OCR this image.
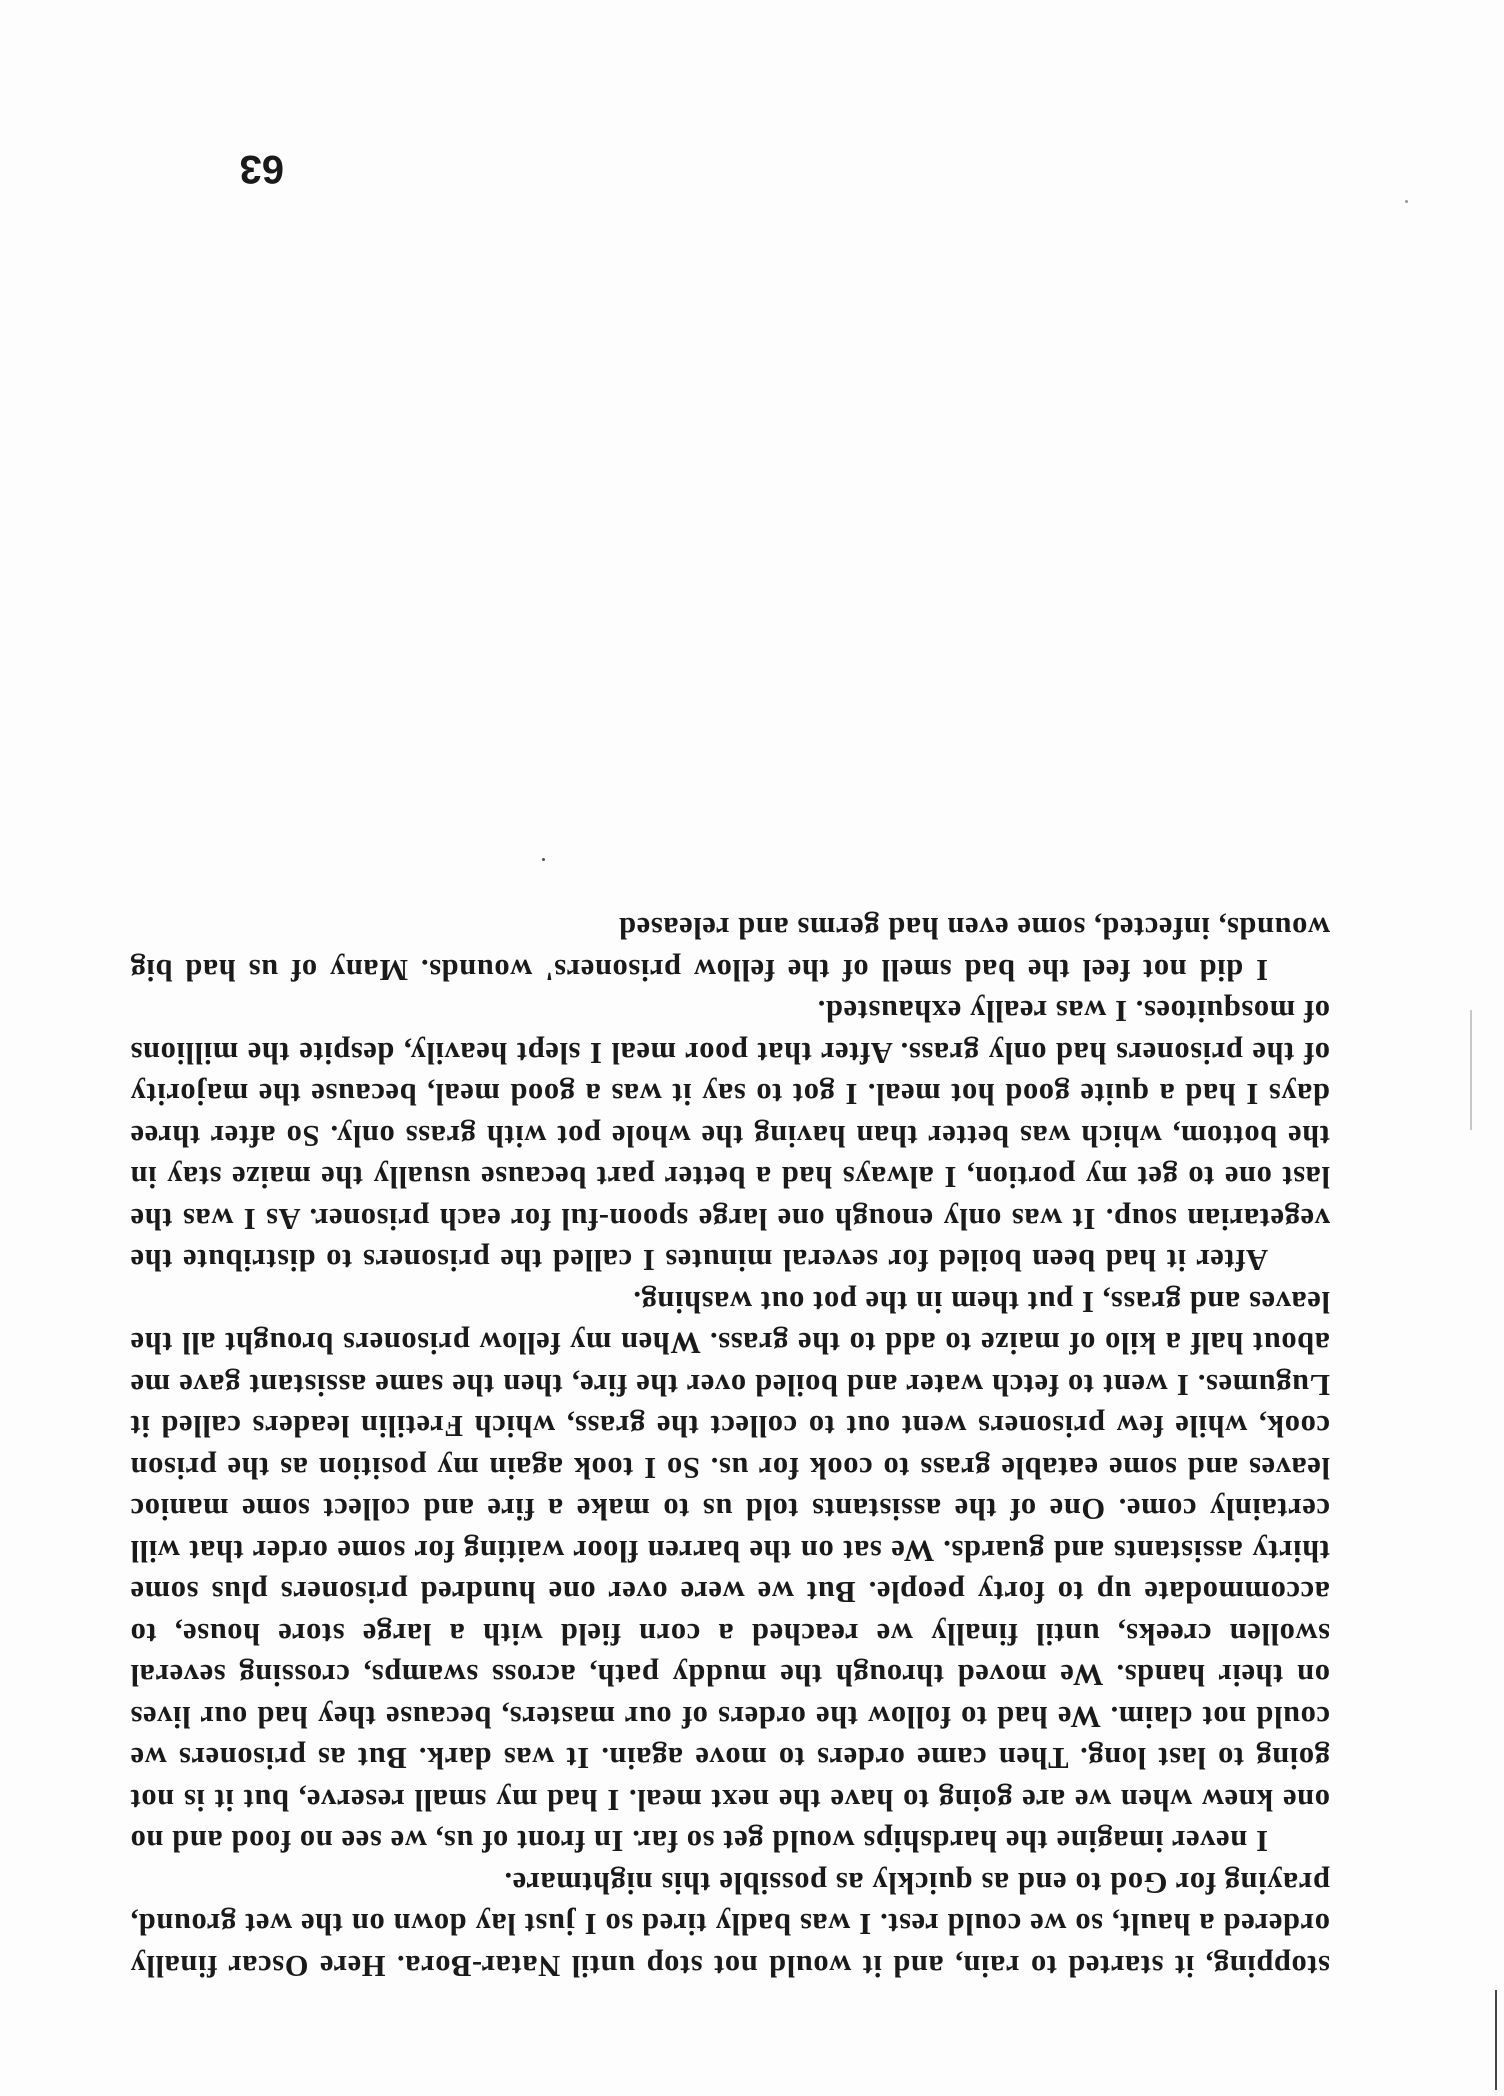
stopping, it started to rain, and it would not stop until Natar-Bora. Here Oscar finally ordered a hault, so we could rest. I was badly tired so I just lay down on the wet ground, praying for God to end as quickly as possible this nightmare.

I never imagine the hardships would get so far. In front of us, we see no food and no one knew when we are going to have the next meal. I had my small reserve, but it is not going to last long. Then came orders to move again. It was dark. But as prisoners we could not claim. We had to follow the orders of our masters, because they had our lives on their hands. We moved through the muddy path, across swamps, crossing several swollen creeks, until finally we reached a corn field with a large store house, to accommodate up to forty people. But we were over one hundred prisoners plus some thirty assistants and guards. We sat on the barren floor waiting for some order that will certainly come. One of the assistants told us to make a fire and collect some manioc leaves and some eatable grass to cook for us. So I took again my position as the prison cook, while few prisoners went out to collect the grass, which Fretilin leaders called it Lugumes. I went to fetch water and boiled over the fire, then the same assistant gave me about half a kilo of maize to add to the grass. When my fellow prisoners brought all the leaves and grass, I put them in the pot out washing.

After it had been boiled for several minutes I called the prisoners to distribute the vegetarian soup. It was only enough one large spoon-ful for each prisoner. As I was the last one to get my portion, I always had a better part because usually the maize stay in the bottom, which was better than having the whole pot with grass only. So after three days I had a quite good hot meal. I got to say it was a good meal, because the majority of the prisoners had only grass. After that poor meal I slept heavily, despite the millions of mosquitoes. I was really exhausted.

I did not feel the bad smell of the fellow prisoners' wounds. Many of us had big wounds, infected, some even had germs and released

63
